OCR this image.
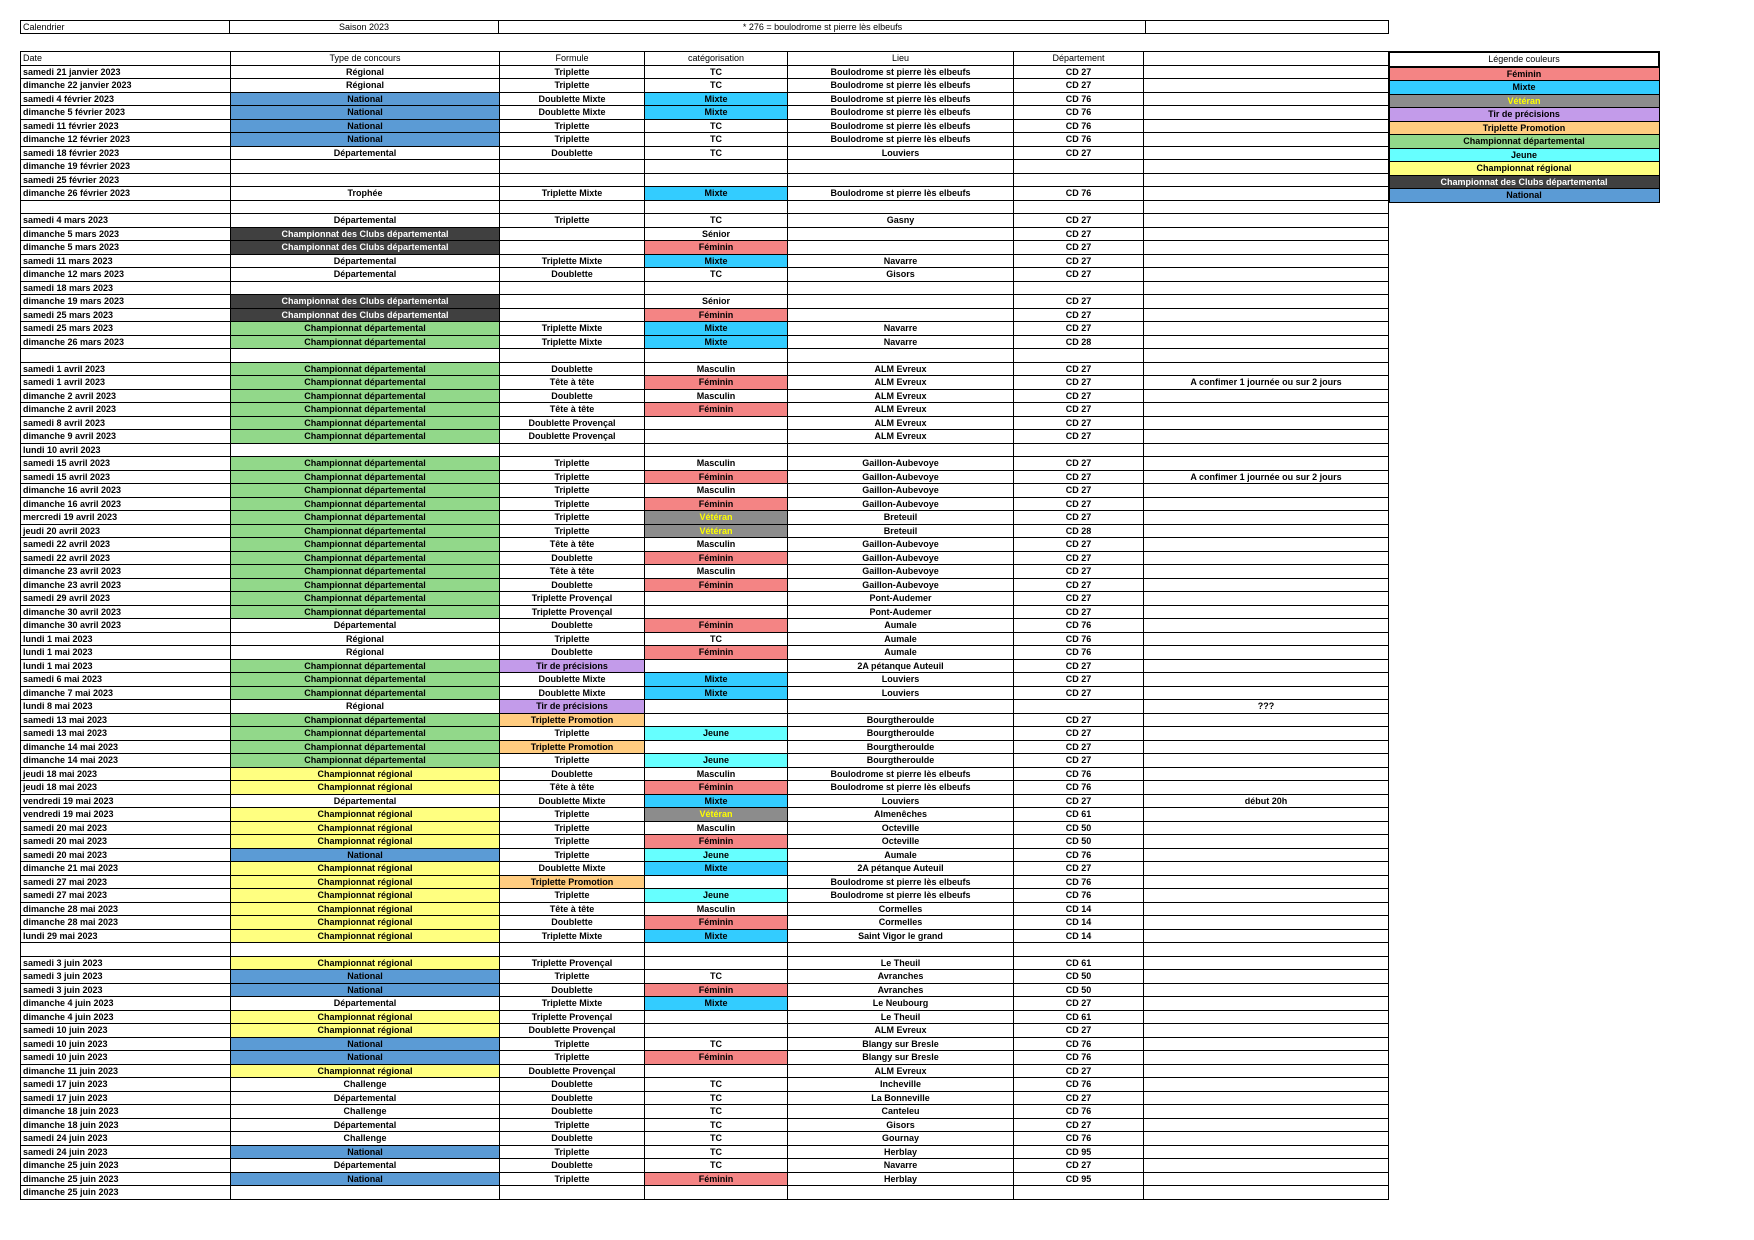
Calendrier	Saison 2023	* 276 = boulodrome st pierre lès elbeufs
Date	Type de concours	Formule	catégorisation	Lieu	Département	
samedi 21 janvier 2023	Régional	Triplette	TC	Boulodrome st pierre lès elbeufs	CD 27	
dimanche 22 janvier 2023	Régional	Triplette	TC	Boulodrome st pierre lès elbeufs	CD 27	
samedi 4 février 2023	National	Doublette Mixte	Mixte	Boulodrome st pierre lès elbeufs	CD 76	
dimanche 5 février 2023	National	Doublette Mixte	Mixte	Boulodrome st pierre lès elbeufs	CD 76	
samedi 11 février 2023	National	Triplette	TC	Boulodrome st pierre lès elbeufs	CD 76	
dimanche 12 février 2023	National	Triplette	TC	Boulodrome st pierre lès elbeufs	CD 76	
samedi 18 février 2023	Départemental	Doublette	TC	Louviers	CD 27	
dimanche 19 février 2023						
samedi 25 février 2023						
dimanche 26 février 2023	Trophée	Triplette Mixte	Mixte	Boulodrome st pierre lès elbeufs	CD 76	

samedi 4 mars 2023	Départemental	Triplette	TC	Gasny	CD 27	
dimanche 5 mars 2023	Championnat des Clubs départemental		Sénior		CD 27	
dimanche 5 mars 2023	Championnat des Clubs départemental		Féminin		CD 27	
samedi 11 mars 2023	Départemental	Triplette Mixte	Mixte	Navarre	CD 27	
dimanche 12 mars 2023	Départemental	Doublette	TC	Gisors	CD 27	
samedi 18 mars 2023						
dimanche 19 mars 2023	Championnat des Clubs départemental		Sénior		CD 27	
samedi 25 mars 2023	Championnat des Clubs départemental		Féminin		CD 27	
samedi 25 mars 2023	Championnat départemental	Triplette Mixte	Mixte	Navarre	CD 27	
dimanche 26 mars 2023	Championnat départemental	Triplette Mixte	Mixte	Navarre	CD 28	

samedi 1 avril 2023	Championnat départemental	Doublette	Masculin	ALM Evreux	CD 27	
samedi 1 avril 2023	Championnat départemental	Tête à tête	Féminin	ALM Evreux	CD 27	A confimer 1 journée ou sur 2 jours
dimanche 2 avril 2023	Championnat départemental	Doublette	Masculin	ALM Evreux	CD 27	
dimanche 2 avril 2023	Championnat départemental	Tête à tête	Féminin	ALM Evreux	CD 27	
samedi 8 avril 2023	Championnat départemental	Doublette Provençal		ALM Evreux	CD 27	
dimanche 9 avril 2023	Championnat départemental	Doublette Provençal		ALM Evreux	CD 27	
lundi 10 avril 2023						
samedi 15 avril 2023	Championnat départemental	Triplette	Masculin	Gaillon-Aubevoye	CD 27	
samedi 15 avril 2023	Championnat départemental	Triplette	Féminin	Gaillon-Aubevoye	CD 27	A confimer 1 journée ou sur 2 jours
dimanche 16 avril 2023	Championnat départemental	Triplette	Masculin	Gaillon-Aubevoye	CD 27	
dimanche 16 avril 2023	Championnat départemental	Triplette	Féminin	Gaillon-Aubevoye	CD 27	
mercredi 19 avril 2023	Championnat départemental	Triplette	Vétéran	Breteuil	CD 27	
jeudi 20 avril 2023	Championnat départemental	Triplette	Vétéran	Breteuil	CD 28	
samedi 22 avril 2023	Championnat départemental	Tête à tête	Masculin	Gaillon-Aubevoye	CD 27	
samedi 22 avril 2023	Championnat départemental	Doublette	Féminin	Gaillon-Aubevoye	CD 27	
dimanche 23 avril 2023	Championnat départemental	Tête à tête	Masculin	Gaillon-Aubevoye	CD 27	
dimanche 23 avril 2023	Championnat départemental	Doublette	Féminin	Gaillon-Aubevoye	CD 27	
samedi 29 avril 2023	Championnat départemental	Triplette Provençal		Pont-Audemer	CD 27	
dimanche 30 avril 2023	Championnat départemental	Triplette Provençal		Pont-Audemer	CD 27	
dimanche 30 avril 2023	Départemental	Doublette	Féminin	Aumale	CD 76	
lundi 1 mai 2023	Régional	Triplette	TC	Aumale	CD 76	
lundi 1 mai 2023	Régional	Doublette	Féminin	Aumale	CD 76	
lundi 1 mai 2023	Championnat départemental	Tir de précisions		2A pétanque Auteuil	CD 27	
samedi 6 mai 2023	Championnat départemental	Doublette Mixte	Mixte	Louviers	CD 27	
dimanche 7 mai 2023	Championnat départemental	Doublette Mixte	Mixte	Louviers	CD 27	
lundi 8 mai 2023	Régional	Tir de précisions				???
samedi 13 mai 2023	Championnat départemental	Triplette Promotion		Bourgtheroulde	CD 27	
samedi 13 mai 2023	Championnat départemental	Triplette	Jeune	Bourgtheroulde	CD 27	
dimanche 14 mai 2023	Championnat départemental	Triplette Promotion		Bourgtheroulde	CD 27	
dimanche 14 mai 2023	Championnat départemental	Triplette	Jeune	Bourgtheroulde	CD 27	
jeudi 18 mai 2023	Championnat régional	Doublette	Masculin	Boulodrome st pierre lès elbeufs	CD 76	
jeudi 18 mai 2023	Championnat régional	Tête à tête	Féminin	Boulodrome st pierre lès elbeufs	CD 76	
vendredi 19 mai 2023	Départemental	Doublette Mixte	Mixte	Louviers	CD 27	début 20h
vendredi 19 mai 2023	Championnat régional	Triplette	Vétéran	Almenêches	CD 61	
samedi 20 mai 2023	Championnat régional	Triplette	Masculin	Octeville	CD 50	
samedi 20 mai 2023	Championnat régional	Triplette	Féminin	Octeville	CD 50	
samedi 20 mai 2023	National	Triplette	Jeune	Aumale	CD 76	
dimanche 21 mai 2023	Championnat régional	Doublette Mixte	Mixte	2A pétanque Auteuil	CD 27	
samedi 27 mai 2023	Championnat régional	Triplette Promotion		Boulodrome st pierre lès elbeufs	CD 76	
samedi 27 mai 2023	Championnat régional	Triplette	Jeune	Boulodrome st pierre lès elbeufs	CD 76	
dimanche 28 mai 2023	Championnat régional	Tête à tête	Masculin	Cormelles	CD 14	
dimanche 28 mai 2023	Championnat régional	Doublette	Féminin	Cormelles	CD 14	
lundi 29 mai 2023	Championnat régional	Triplette Mixte	Mixte	Saint Vigor le grand	CD 14	

samedi 3 juin 2023	Championnat régional	Triplette Provençal		Le Theuil	CD 61	
samedi 3 juin 2023	National	Triplette	TC	Avranches	CD 50	
samedi 3 juin 2023	National	Doublette	Féminin	Avranches	CD 50	
dimanche 4 juin 2023	Départemental	Triplette Mixte	Mixte	Le Neubourg	CD 27	
dimanche 4 juin 2023	Championnat régional	Triplette Provençal		Le Theuil	CD 61	
samedi 10 juin 2023	Championnat régional	Doublette Provençal		ALM Evreux	CD 27	
samedi 10 juin 2023	National	Triplette	TC	Blangy sur Bresle	CD 76	
samedi 10 juin 2023	National	Triplette	Féminin	Blangy sur Bresle	CD 76	
dimanche 11 juin 2023	Championnat régional	Doublette Provençal		ALM Evreux	CD 27	
samedi 17 juin 2023	Challenge	Doublette	TC	Incheville	CD 76	
samedi 17 juin 2023	Départemental	Doublette	TC	La Bonneville	CD 27	
dimanche 18 juin 2023	Challenge	Doublette	TC	Canteleu	CD 76	
dimanche 18 juin 2023	Départemental	Triplette	TC	Gisors	CD 27	
samedi 24 juin 2023	Challenge	Doublette	TC	Gournay	CD 76	
samedi 24 juin 2023	National	Triplette	TC	Herblay	CD 95	
dimanche 25 juin 2023	Départemental	Doublette	TC	Navarre	CD 27	
dimanche 25 juin 2023	National	Triplette	Féminin	Herblay	CD 95	
dimanche 25 juin 2023						
Légende couleurs
Féminin
Mixte
Vétéran
Tir de précisions
Triplette Promotion
Championnat départemental
Jeune
Championnat régional
Championnat des Clubs départemental
National
